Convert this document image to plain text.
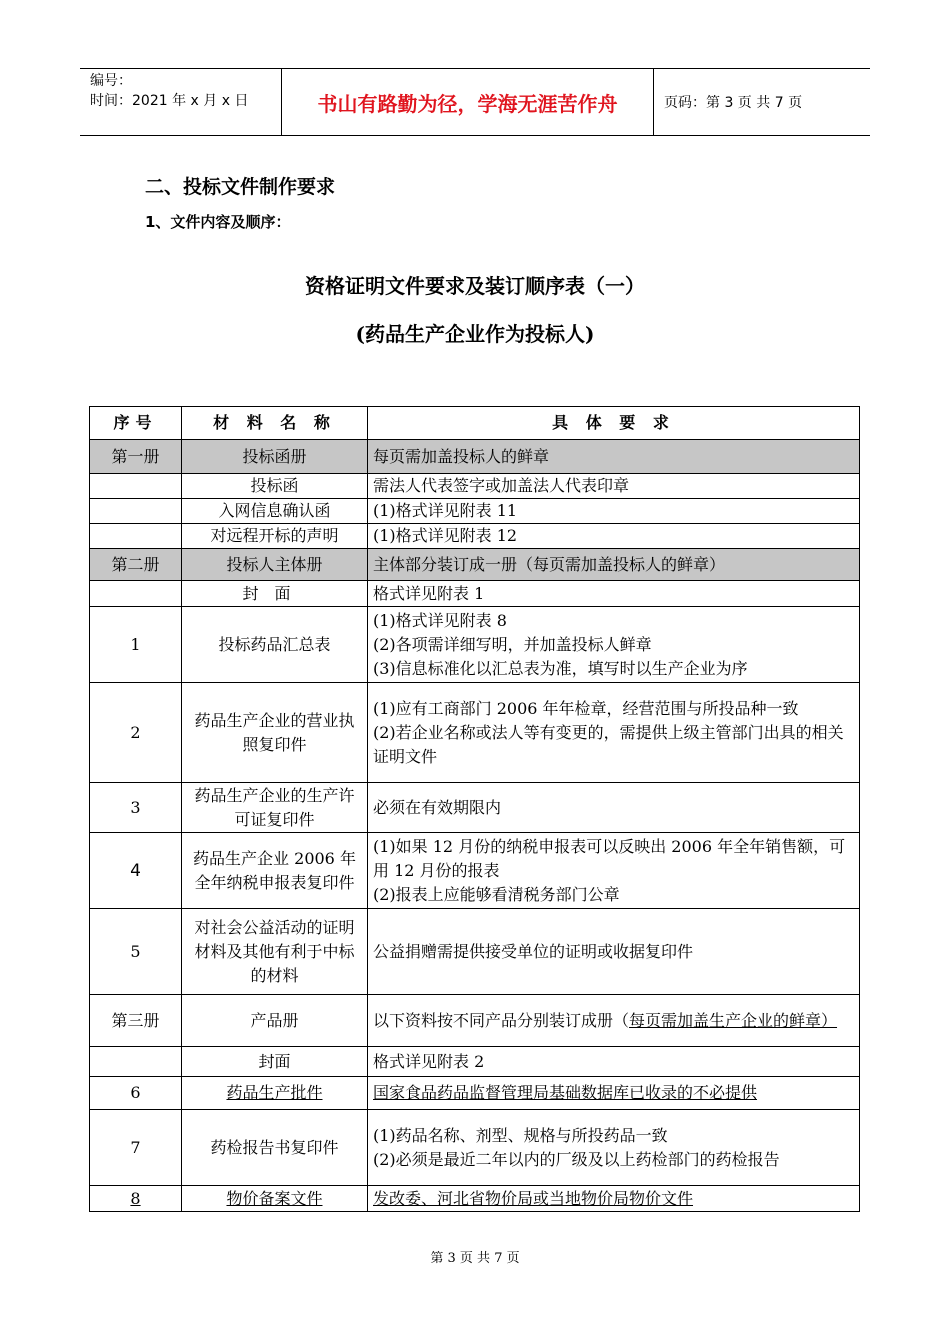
编号：
时间：2021 年 x 月 x 日	书山有路勤为径，学海无涯苦作舟	页码：第 3 页 共 7 页
二、投标文件制作要求
1、文件内容及顺序：
资格证明文件要求及装订顺序表（一）
(药品生产企业作为投标人)
序号	材 料 名 称	具 体 要 求
第一册	投标函册	每页需加盖投标人的鲜章
	投标函	需法人代表签字或加盖法人代表印章
	入网信息确认函	(1)格式详见附表 11
	对远程开标的声明	(1)格式详见附表 12
第二册	投标人主体册	主体部分装订成一册（每页需加盖投标人的鲜章）
	封面	格式详见附表 1
1	投标药品汇总表	(1)格式详见附表 8
(2)各项需详细写明，并加盖投标人鲜章
(3)信息标准化以汇总表为准，填写时以生产企业为序

2	药品生产企业的营业执照复印件	(1)应有工商部门 2006 年年检章，经营范围与所投品种一致
(2)若企业名称或法人等有变更的，需提供上级主管部门出具的相关证明文件

3	药品生产企业的生产许可证复印件	必须在有效期限内
4	药品生产企业 2006 年全年纳税申报表复印件	(1)如果 12 月份的纳税申报表可以反映出 2006 年全年销售额，可用 12 月份的报表
(2)报表上应能够看清税务部门公章

5	对社会公益活动的证明材料及其他有利于中标的材料	公益捐赠需提供接受单位的证明或收据复印件
第三册	产品册	以下资料按不同产品分别装订成册（每页需加盖生产企业的鲜章）
	封面	格式详见附表 2
6	药品生产批件	国家食品药品监督管理局基础数据库已收录的不必提供
7	药检报告书复印件	(1)药品名称、剂型、规格与所投药品一致
(2)必须是最近二年以内的厂级及以上药检部门的药检报告

8	物价备案文件	发改委、河北省物价局或当地物价局物价文件
第 3 页 共 7 页
